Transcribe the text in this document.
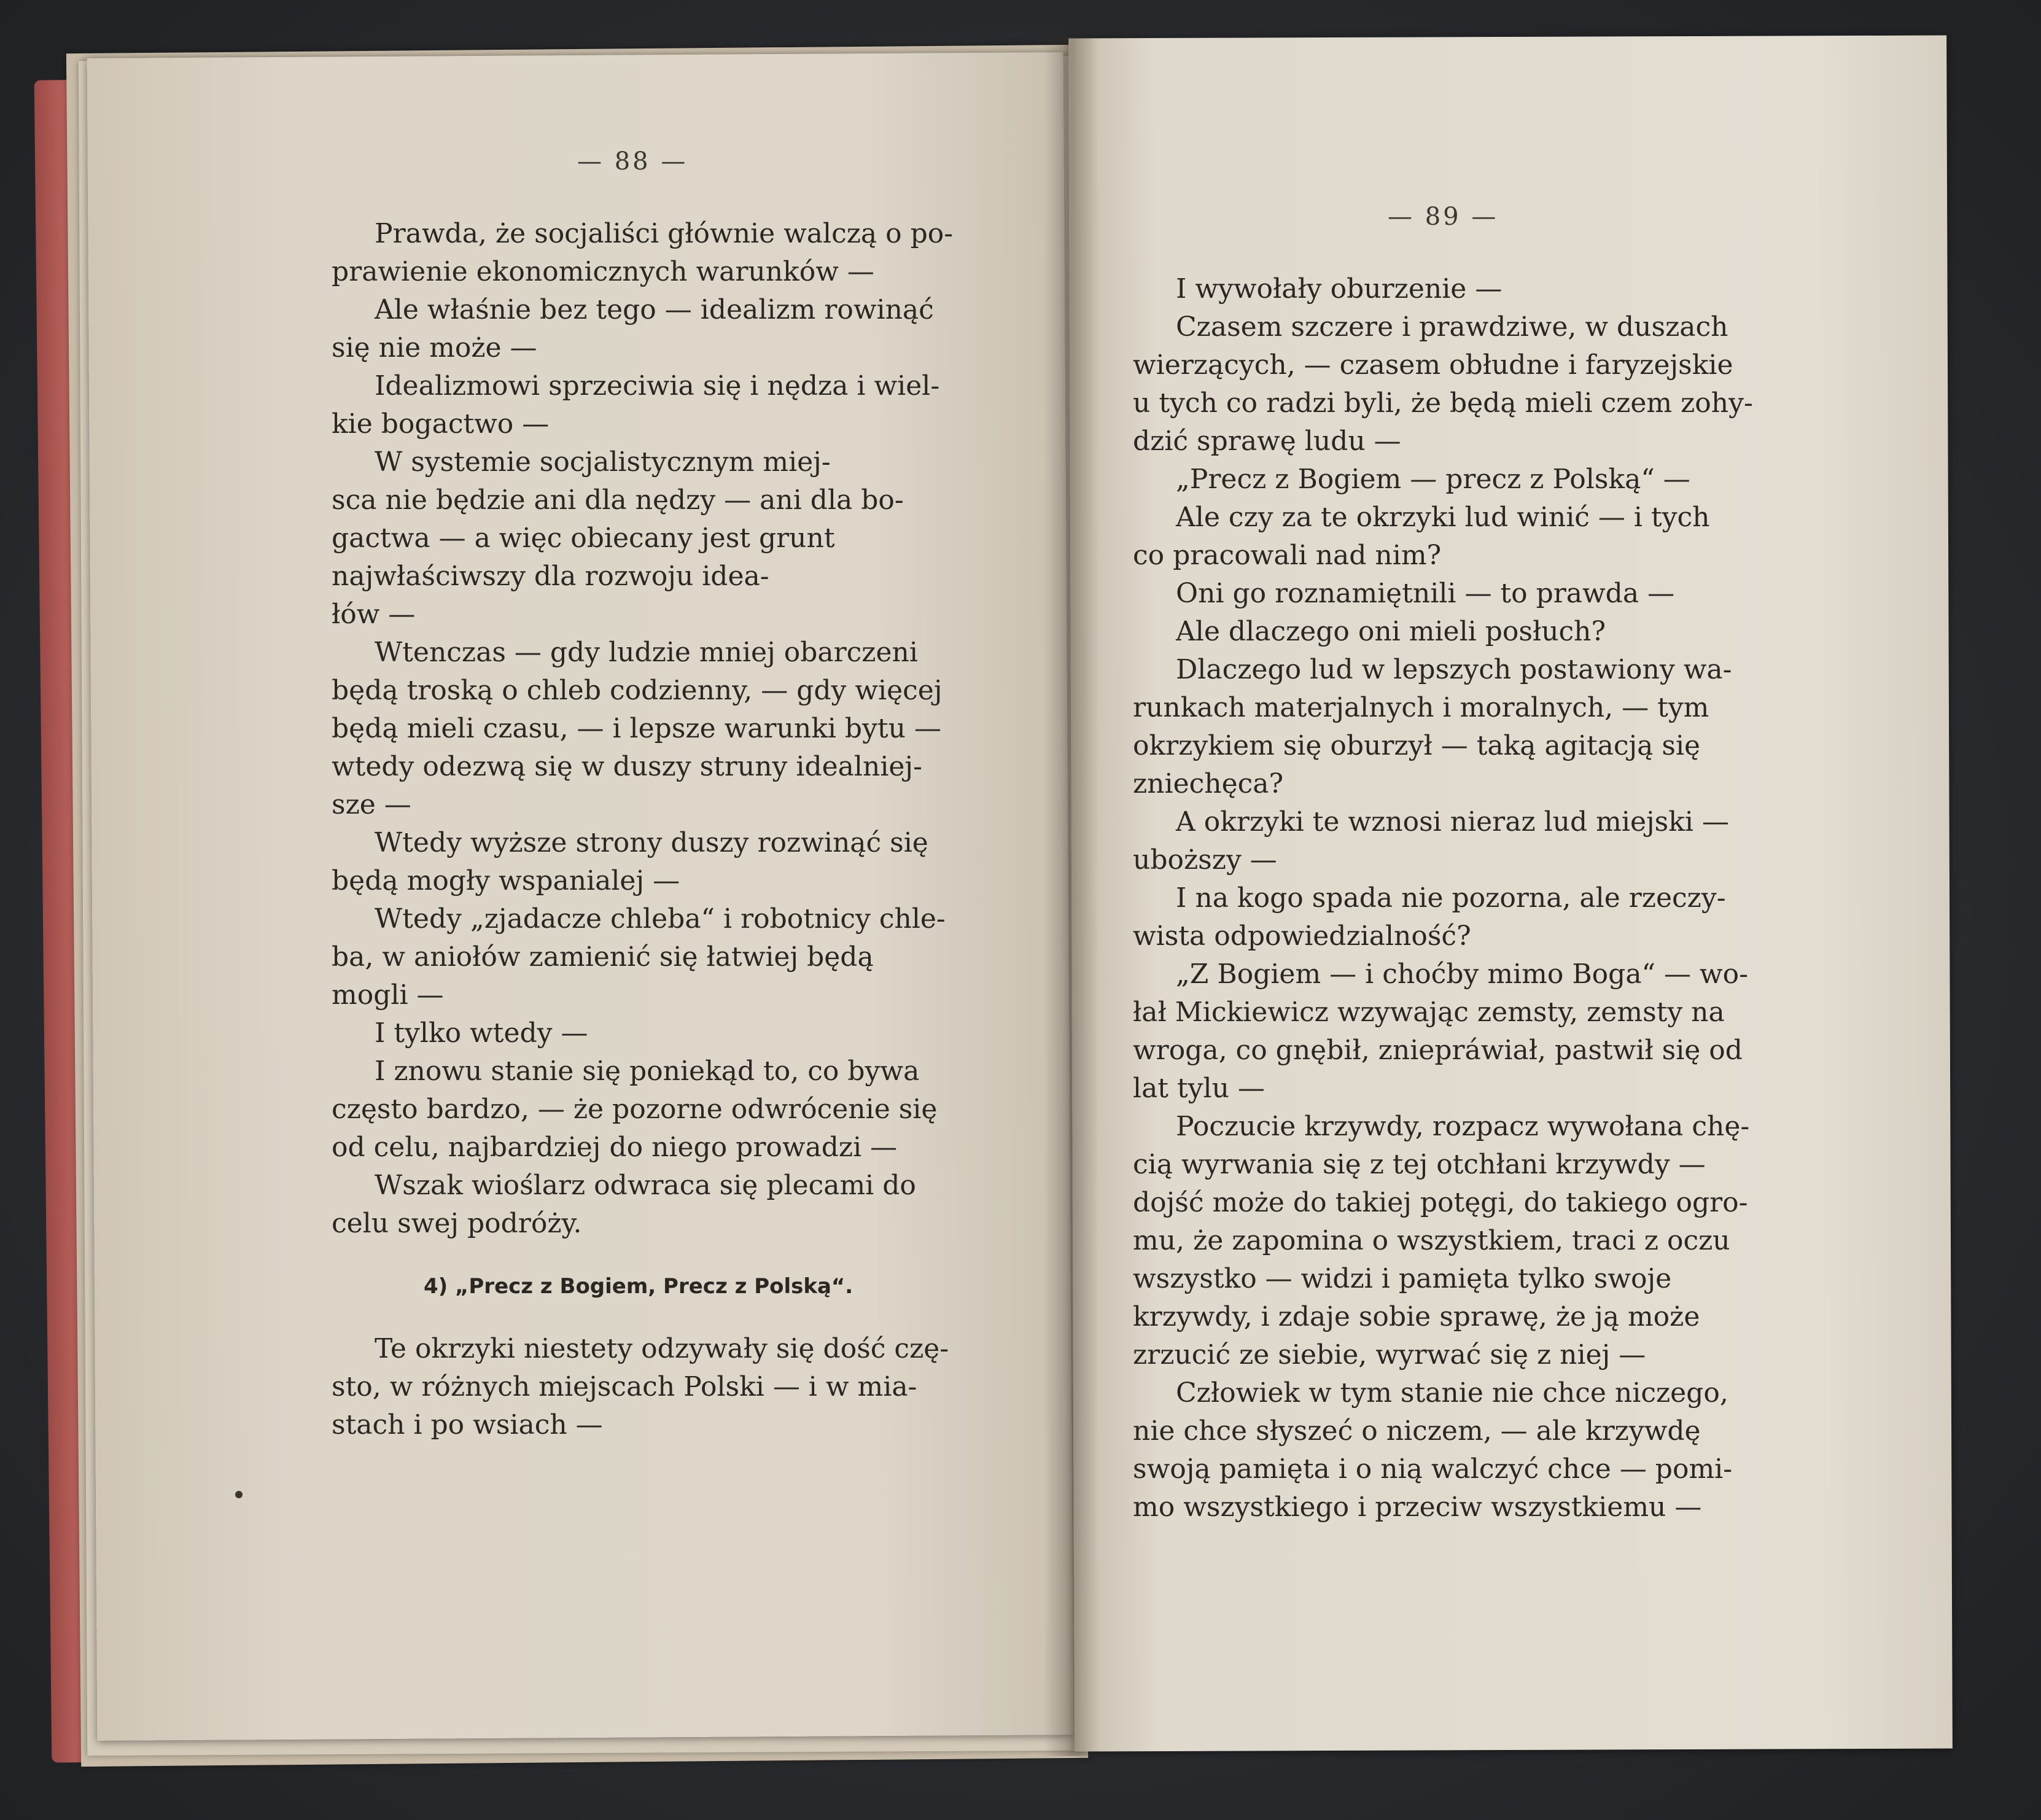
— 88 —
— 89 —
Prawda, że socjaliści głównie walczą o po-
prawienie ekonomicznych warunków —
Ale właśnie bez tego — idealizm rowinąć
się nie może —
Idealizmowi sprzeciwia się i nędza i wiel-
kie bogactwo —
W systemie socjalistycznym miej-
sca nie będzie ani dla nędzy — ani dla bo-
gactwa — a więc obiecany jest grunt
najwłaściwszy dla rozwoju idea-
łów —
Wtenczas — gdy ludzie mniej obarczeni
będą troską o chleb codzienny, — gdy więcej
będą mieli czasu, — i lepsze warunki bytu —
wtedy odezwą się w duszy struny idealniej-
sze —
Wtedy wyższe strony duszy rozwinąć się
będą mogły wspanialej —
Wtedy „zjadacze chleba“ i robotnicy chle-
ba, w aniołów zamienić się łatwiej będą
mogli —
I tylko wtedy —
I znowu stanie się poniekąd to, co bywa
często bardzo, — że pozorne odwrócenie się
od celu, najbardziej do niego prowadzi —
Wszak wioślarz odwraca się plecami do
celu swej podróży.
4) „Precz z Bogiem, Precz z Polską“.
Te okrzyki niestety odzywały się dość czę-
sto, w różnych miejscach Polski — i w mia-
stach i po wsiach —
I wywołały oburzenie —
Czasem szczere i prawdziwe, w duszach
wierzących, — czasem obłudne i faryzejskie
u tych co radzi byli, że będą mieli czem zohy-
dzić sprawę ludu —
„Precz z Bogiem — precz z Polską“ —
Ale czy za te okrzyki lud winić — i tych
co pracowali nad nim?
Oni go roznamiętnili — to prawda —
Ale dlaczego oni mieli posłuch?
Dlaczego lud w lepszych postawiony wa-
runkach materjalnych i moralnych, — tym
okrzykiem się oburzył — taką agitacją się
zniechęca?
A okrzyki te wznosi nieraz lud miejski —
uboższy —
I na kogo spada nie pozorna, ale rzeczy-
wista odpowiedzialność?
„Z Bogiem — i choćby mimo Boga“ — wo-
łał Mickiewicz wzywając zemsty, zemsty na
wroga, co gnębił, zniepráwiał, pastwił się od
lat tylu —
Poczucie krzywdy, rozpacz wywołana chę-
cią wyrwania się z tej otchłani krzywdy —
dojść może do takiej potęgi, do takiego ogro-
mu, że zapomina o wszystkiem, traci z oczu
wszystko — widzi i pamięta tylko swoje
krzywdy, i zdaje sobie sprawę, że ją może
zrzucić ze siebie, wyrwać się z niej —
Człowiek w tym stanie nie chce niczego,
nie chce słyszeć o niczem, — ale krzywdę
swoją pamięta i o nią walczyć chce — pomi-
mo wszystkiego i przeciw wszystkiemu —
